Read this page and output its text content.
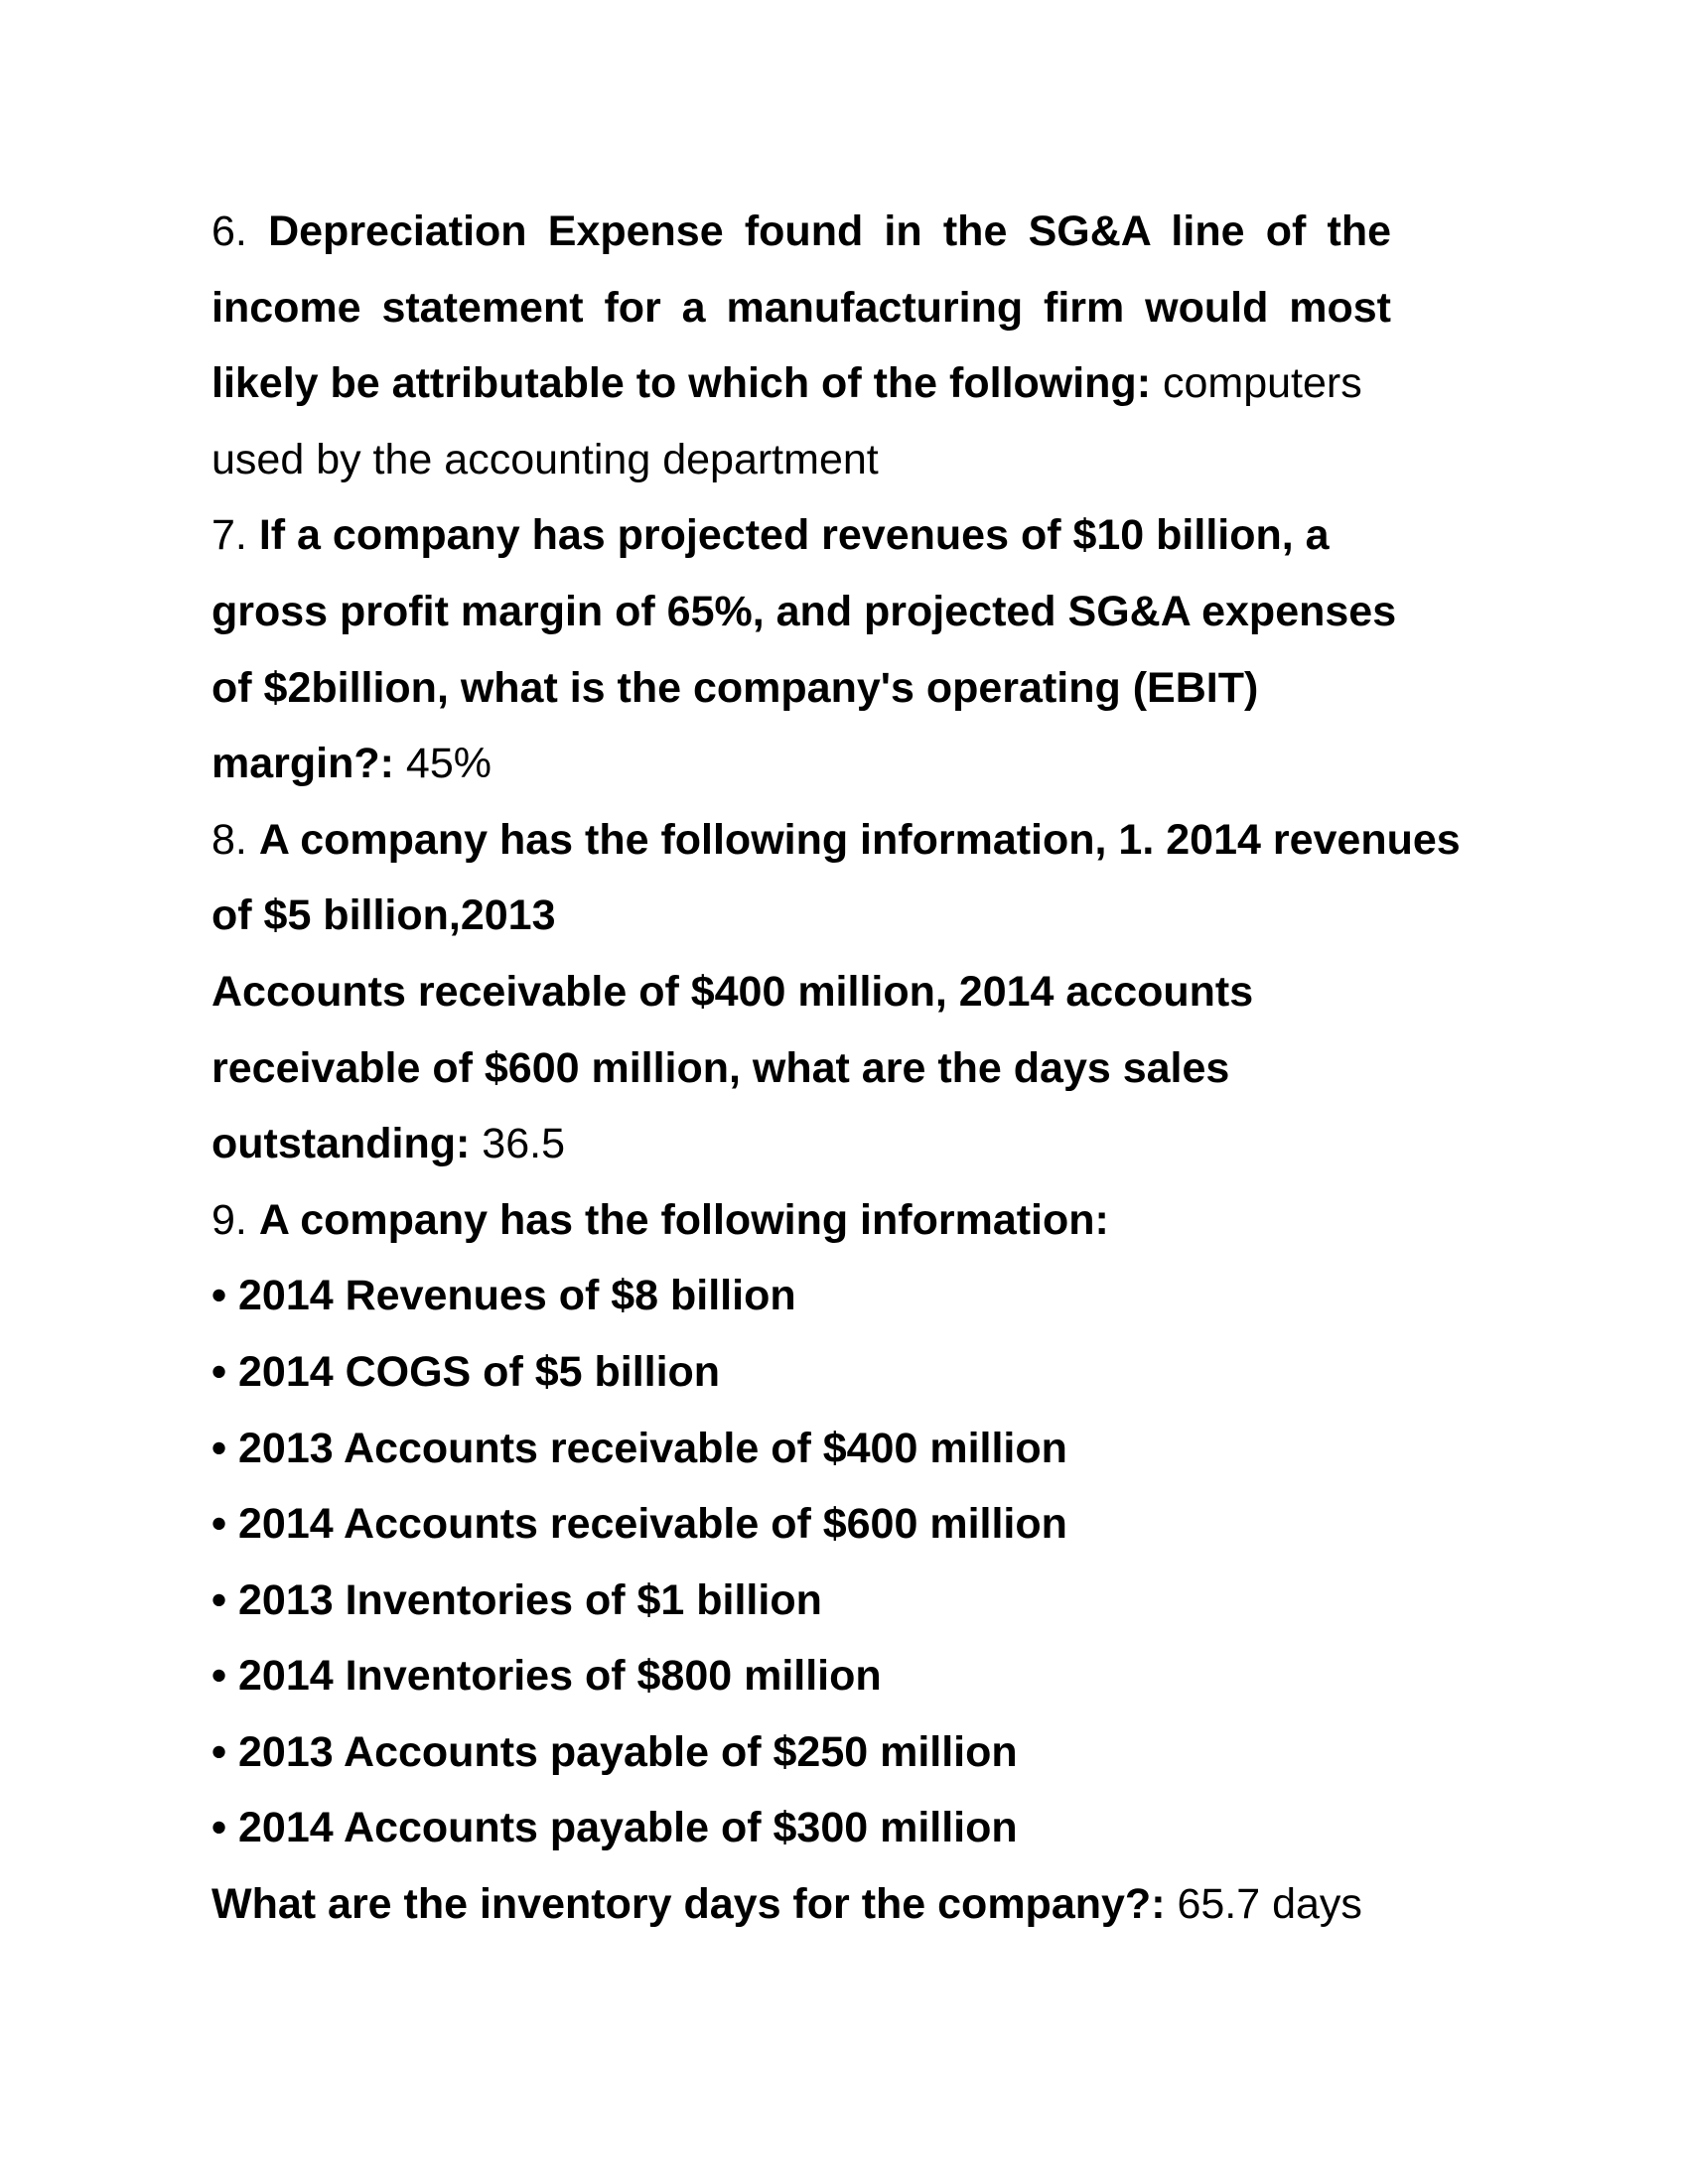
6. Depreciation Expense found in the SG&A line of the
income statement for a manufacturing firm would most
likely be attributable to which of the following: computers
used by the accounting department
7. If a company has projected revenues of $10 billion, a
gross profit margin of 65%, and projected SG&A expenses
of $2billion, what is the company's operating (EBIT)
margin?: 45%
8. A company has the following information, 1. 2014 revenues
of $5 billion,2013
Accounts receivable of $400 million, 2014 accounts
receivable of $600 million, what are the days sales
outstanding: 36.5
9. A company has the following information:
• 2014 Revenues of $8 billion
• 2014 COGS of $5 billion
• 2013 Accounts receivable of $400 million
• 2014 Accounts receivable of $600 million
• 2013 Inventories of $1 billion
• 2014 Inventories of $800 million
• 2013 Accounts payable of $250 million
• 2014 Accounts payable of $300 million
What are the inventory days for the company?: 65.7 days
